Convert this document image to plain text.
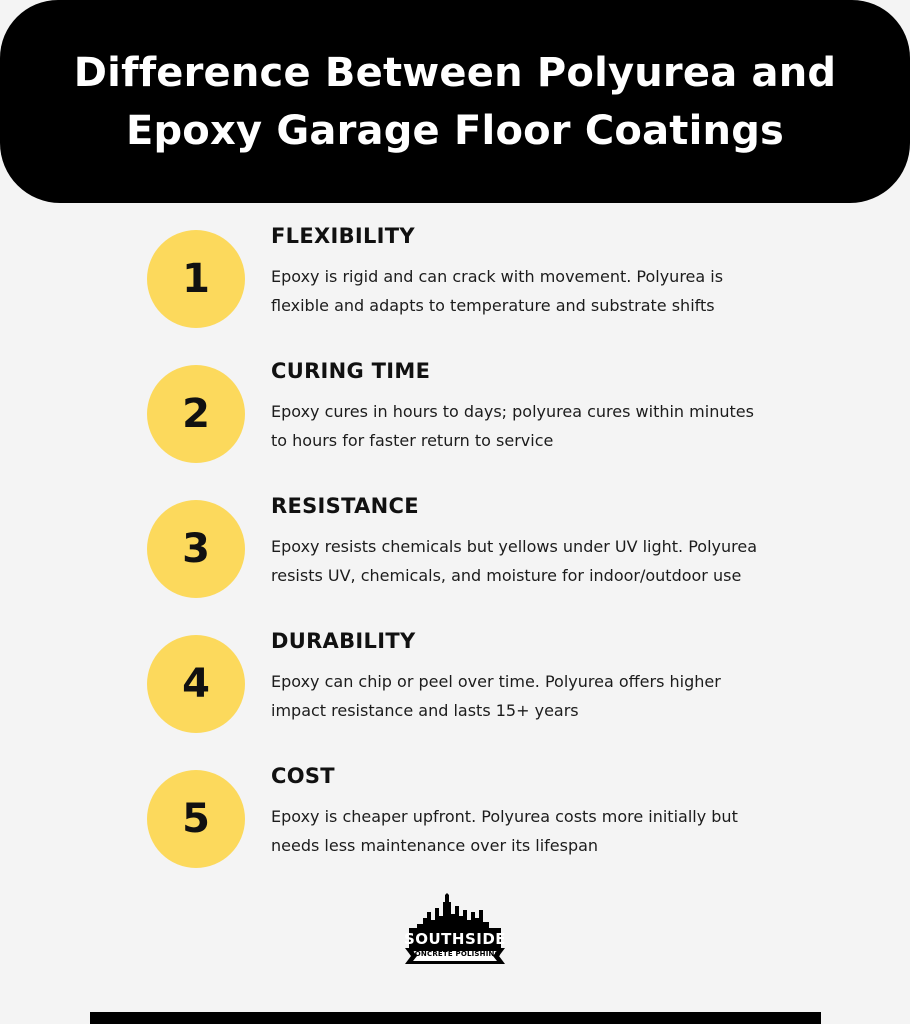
Difference Between Polyurea and
Epoxy Garage Floor Coatings
1
FLEXIBILITY
Epoxy is rigid and can crack with movement. Polyurea is flexible and adapts to temperature and substrate shifts
2
CURING TIME
Epoxy cures in hours to days; polyurea cures within minutes to hours for faster return to service
3
RESISTANCE
Epoxy resists chemicals but yellows under UV light. Polyurea resists UV, chemicals, and moisture for indoor/outdoor use
4
DURABILITY
Epoxy can chip or peel over time. Polyurea offers higher impact resistance and lasts 15+ years
5
COST
Epoxy is cheaper upfront. Polyurea costs more initially but needs less maintenance over its lifespan
SOUTHSIDE
CONCRETE POLISHING
